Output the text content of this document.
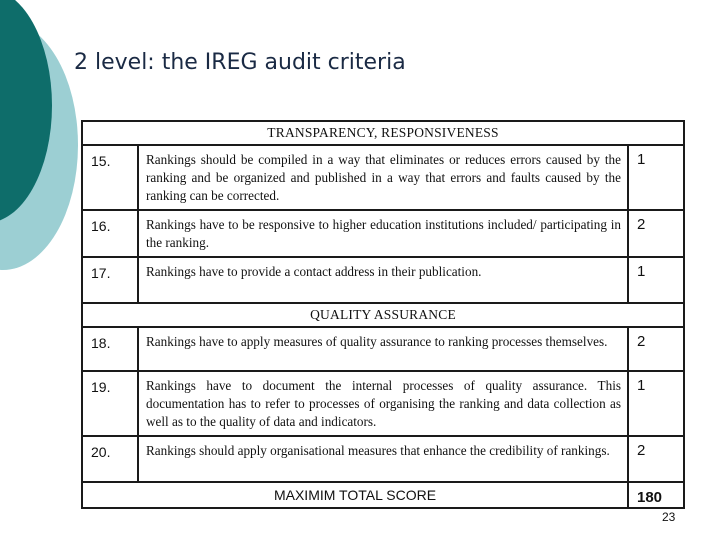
2 level: the IREG audit criteria
TRANSPARENCY, RESPONSIVENESS		
15.	Rankings should be compiled in a way that eliminates or reduces errors caused by the ranking and be organized and published in a way that errors and faults caused by the ranking can be corrected.	1
16.	Rankings have to be responsive to higher education institutions included/ participating in the ranking.	2
17.	Rankings have to provide a contact address in their publication.	1
QUALITY ASSURANCE		
18.	Rankings have to apply measures of quality assurance to ranking processes themselves.	2
19.	Rankings have to document the internal processes of quality assurance. This documentation has to refer to processes of organising the ranking and data collection as well as to the quality of data and indicators.	1
20.	Rankings should apply organisational measures that enhance the credibility of rankings.	2
MAXIMIM TOTAL SCORE		180
23
